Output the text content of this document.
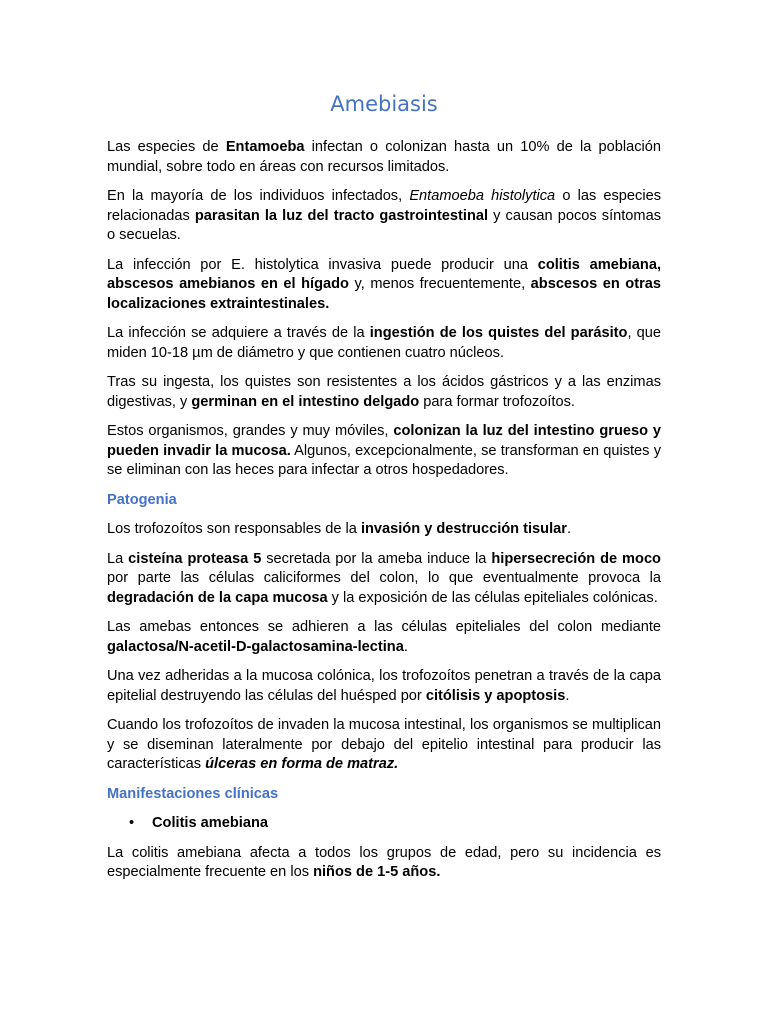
Amebiasis

Las especies de Entamoeba infectan o colonizan hasta un 10% de la población mundial, sobre todo en áreas con recursos limitados.

En la mayoría de los individuos infectados, Entamoeba histolytica o las especies relacionadas parasitan la luz del tracto gastrointestinal y causan pocos síntomas o secuelas.

La infección por E. histolytica invasiva puede producir una colitis amebiana, abscesos amebianos en el hígado y, menos frecuentemente, abscesos en otras localizaciones extraintestinales.

La infección se adquiere a través de la ingestión de los quistes del parásito, que miden 10-18 µm de diámetro y que contienen cuatro núcleos.

Tras su ingesta, los quistes son resistentes a los ácidos gástricos y a las enzimas digestivas, y germinan en el intestino delgado para formar trofozoítos.

Estos organismos, grandes y muy móviles, colonizan la luz del intestino grueso y pueden invadir la mucosa. Algunos, excepcionalmente, se transforman en quistes y se eliminan con las heces para infectar a otros hospedadores.

Patogenia

Los trofozoítos son responsables de la invasión y destrucción tisular.

La cisteína proteasa 5 secretada por la ameba induce la hipersecreción de moco por parte las células caliciformes del colon, lo que eventualmente provoca la degradación de la capa mucosa y la exposición de las células epiteliales colónicas.

Las amebas entonces se adhieren a las células epiteliales del colon mediante galactosa/N-acetil-D-galactosamina-lectina.

Una vez adheridas a la mucosa colónica, los trofozoítos penetran a través de la capa epitelial destruyendo las células del huésped por citólisis y apoptosis.

Cuando los trofozoítos de invaden la mucosa intestinal, los organismos se multiplican y se diseminan lateralmente por debajo del epitelio intestinal para producir las características úlceras en forma de matraz.

Manifestaciones clínicas
• Colitis amebiana

La colitis amebiana afecta a todos los grupos de edad, pero su incidencia es especialmente frecuente en los niños de 1-5 años.
